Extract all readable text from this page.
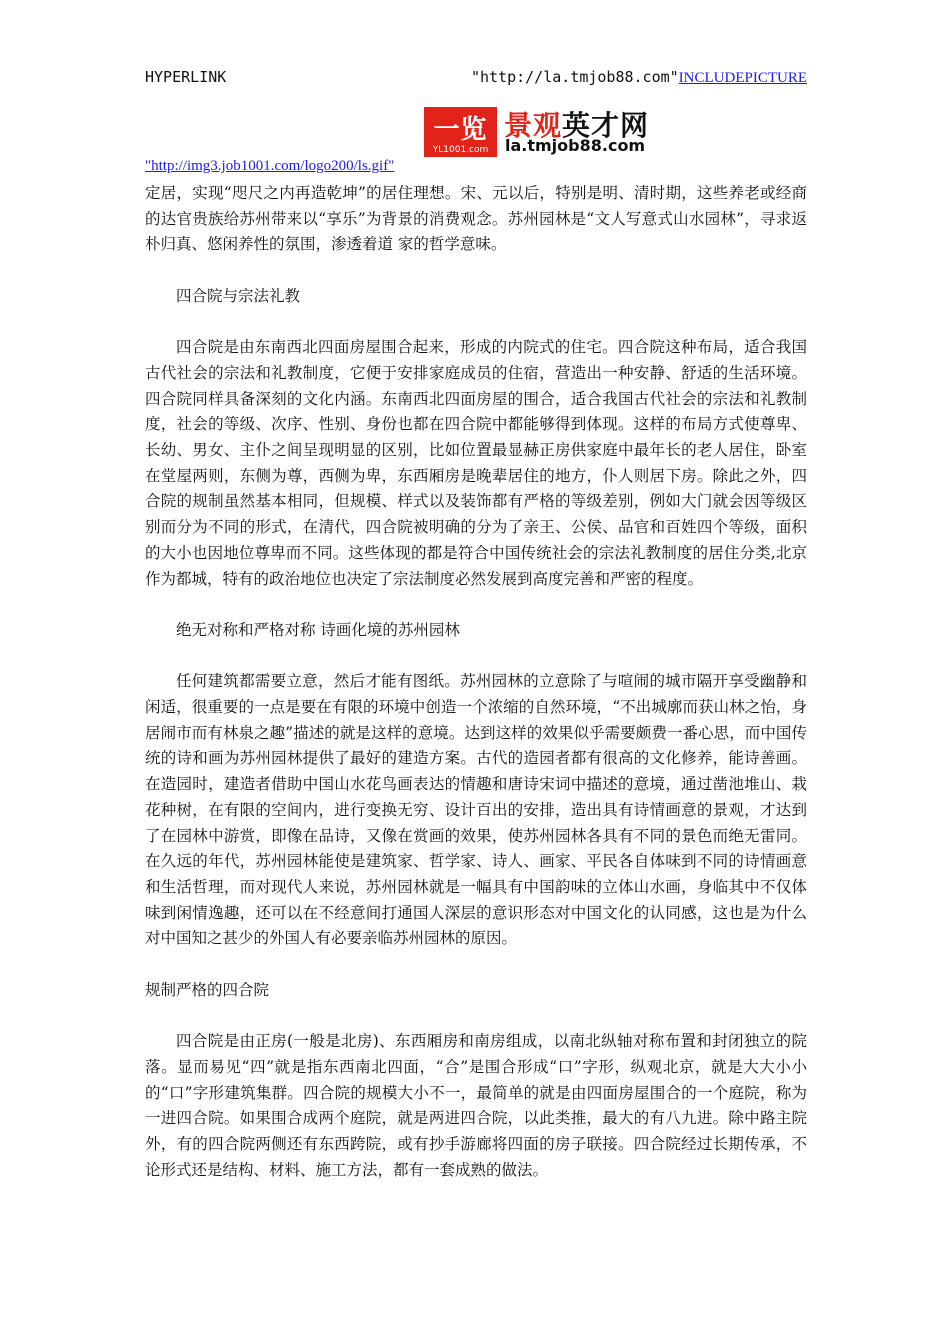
HYPERLINK	"http://la.tmjob88.com"INCLUDEPICTURE
一览
YL1001.com
景观英才网
la.tmjob88.com
"http://img3.job1001.com/logo200/ls.gif"

定居，实现“咫尺之内再造乾坤”的居住理想。宋、元以后，特别是明、清时期，这些养老或经商的达官贵族给苏州带来以“享乐”为背景的消费观念。苏州园林是“文人写意式山水园林”，寻求返朴归真、悠闲养性的氛围，渗透着道 家的哲学意味。

四合院与宗法礼教

四合院是由东南西北四面房屋围合起来，形成的内院式的住宅。四合院这种布局，适合我国古代社会的宗法和礼教制度，它便于安排家庭成员的住宿，营造出一种安静、舒适的生活环境。四合院同样具备深刻的文化内涵。东南西北四面房屋的围合，适合我国古代社会的宗法和礼教制度，社会的等级、次序、性别、身份也都在四合院中都能够得到体现。这样的布局方式使尊卑、长幼、男女、主仆之间呈现明显的区别，比如位置最显赫正房供家庭中最年长的老人居住，卧室在堂屋两则，东侧为尊，西侧为卑，东西厢房是晚辈居住的地方，仆人则居下房。除此之外，四合院的规制虽然基本相同，但规模、样式以及装饰都有严格的等级差别，例如大门就会因等级区别而分为不同的形式，在清代，四合院被明确的分为了亲王、公侯、品官和百姓四个等级，面积的大小也因地位尊卑而不同。这些体现的都是符合中国传统社会的宗法礼教制度的居住分类,北京作为都城，特有的政治地位也决定了宗法制度必然发展到高度完善和严密的程度。

绝无对称和严格对称 诗画化境的苏州园林

任何建筑都需要立意，然后才能有图纸。苏州园林的立意除了与喧闹的城市隔开享受幽静和闲适，很重要的一点是要在有限的环境中创造一个浓缩的自然环境，“不出城廓而获山林之怡，身 居闹市而有林泉之趣”描述的就是这样的意境。达到这样的效果似乎需要颇费一番心思，而中国传统的诗和画为苏州园林提供了最好的建造方案。古代的造园者都有很高的文化修养，能诗善画。在造园时，建造者借助中国山水花鸟画表达的情趣和唐诗宋词中描述的意境，通过凿池堆山、栽花种树，在有限的空间内，进行变换无穷、设计百出的安排，造出具有诗情画意的景观，才达到了在园林中游赏，即像在品诗，又像在赏画的效果，使苏州园林各具有不同的景色而绝无雷同。在久远的年代，苏州园林能使是建筑家、哲学家、诗人、画家、平民各自体味到不同的诗情画意和生活哲理，而对现代人来说，苏州园林就是一幅具有中国韵味的立体山水画，身临其中不仅体味到闲情逸趣，还可以在不经意间打通国人深层的意识形态对中国文化的认同感，这也是为什么对中国知之甚少的外国人有必要亲临苏州园林的原因。

规制严格的四合院

四合院是由正房(一般是北房)、东西厢房和南房组成，以南北纵轴对称布置和封闭独立的院落。显而易见“四”就是指东西南北四面，“合”是围合形成“口”字形，纵观北京，就是大大小小的“口”字形建筑集群。四合院的规模大小不一，最简单的就是由四面房屋围合的一个庭院，称为一进四合院。如果围合成两个庭院，就是两进四合院，以此类推，最大的有八九进。除中路主院外，有的四合院两侧还有东西跨院，或有抄手游廊将四面的房子联接。四合院经过长期传承，不论形式还是结构、材料、施工方法，都有一套成熟的做法。
